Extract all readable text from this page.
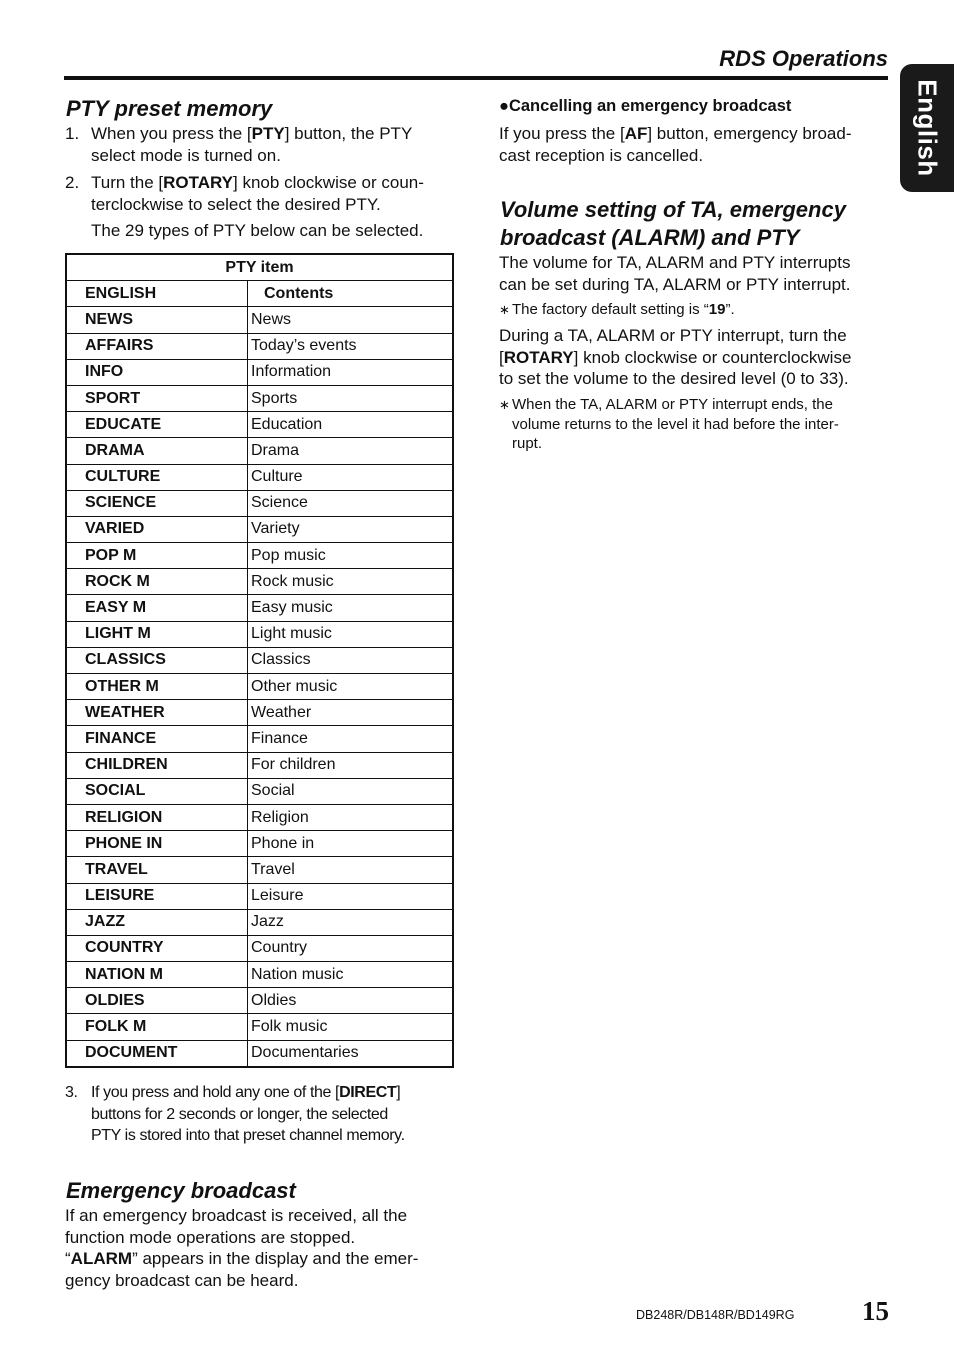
RDS Operations
English
PTY preset memory
1. When you press the [PTY] button, the PTY
select mode is turned on.
2. Turn the [ROTARY] knob clockwise or coun-
terclockwise to select the desired PTY.
The 29 types of PTY below can be selected.
PTY item	
ENGLISH	Contents
NEWS	News
AFFAIRS	Today’s events
INFO	Information
SPORT	Sports
EDUCATE	Education
DRAMA	Drama
CULTURE	Culture
SCIENCE	Science
VARIED	Variety
POP M	Pop music
ROCK M	Rock music
EASY M	Easy music
LIGHT M	Light music
CLASSICS	Classics
OTHER M	Other music
WEATHER	Weather
FINANCE	Finance
CHILDREN	For children
SOCIAL	Social
RELIGION	Religion
PHONE IN	Phone in
TRAVEL	Travel
LEISURE	Leisure
JAZZ	Jazz
COUNTRY	Country
NATION M	Nation music
OLDIES	Oldies
FOLK M	Folk music
DOCUMENT	Documentaries
3. If you press and hold any one of the [DIRECT]
buttons for 2 seconds or longer, the selected
PTY is stored into that preset channel memory.
Emergency broadcast
If an emergency broadcast is received, all the
function mode operations are stopped.
“ALARM” appears in the display and the emer-
gency broadcast can be heard.
●Cancelling an emergency broadcast
If you press the [AF] button, emergency broad-
cast reception is cancelled.
Volume setting of TA, emergency
broadcast (ALARM) and PTY
The volume for TA, ALARM and PTY interrupts
can be set during TA, ALARM or PTY interrupt.
∗ The factory default setting is “19”.
During a TA, ALARM or PTY interrupt, turn the
[ROTARY] knob clockwise or counterclockwise
to set the volume to the desired level (0 to 33).
∗ When the TA, ALARM or PTY interrupt ends, the
volume returns to the level it had before the inter-
rupt.
DB248R/DB148R/BD149RG	15
